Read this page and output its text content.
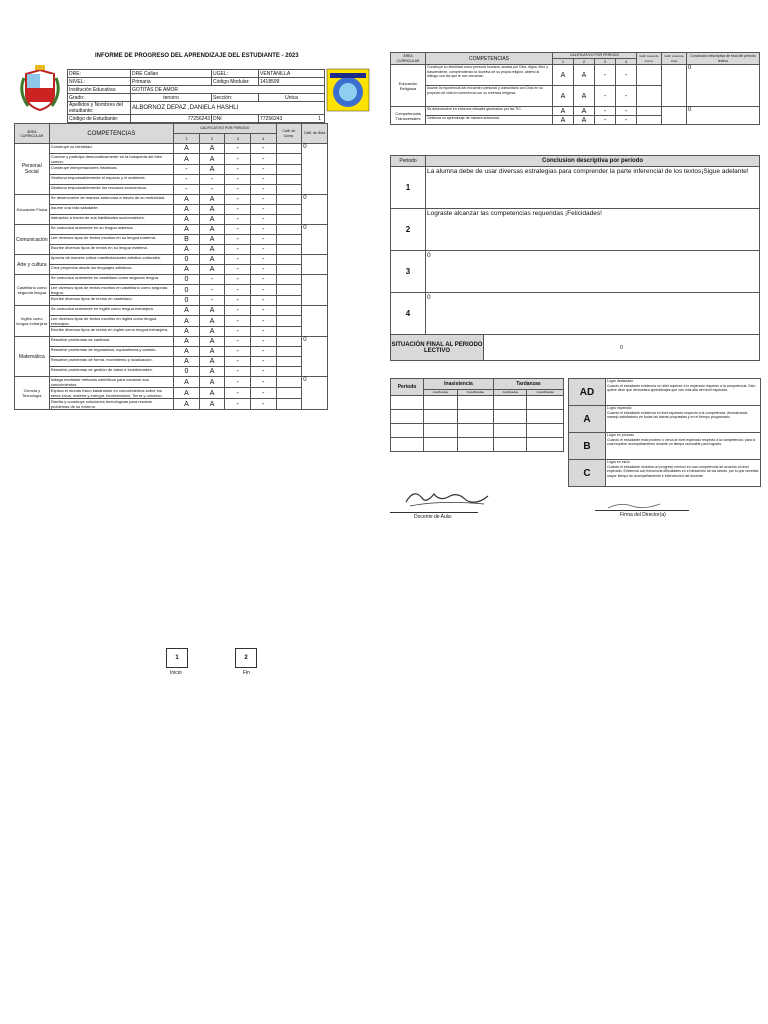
INFORME DE PROGRESO DEL APRENDIZAJE DEL ESTUDIANTE - 2023
DRE:	DRE Callao	UGEL:	VENTANILLA
NIVEL:	Primaria	Código Modular:	1418599
Institución Educativa:	GOTITAS DE AMOR		
Grado:	tercero	Sección:	Unica
Apellidos y Nombres del estudiante:	ALBORNOZ DEPAZ ,DANIELA HASHLI		
Código de Estudiante:	77256243	DNI	77256243 1
ÁREA CURRICULAR	COMPETENCIAS	CALIFICATIVO POR PERIODO				Calif. de Comp.	Calif. de Área
		1	2	3	4		
Personal Social	Construye su identidad.	A	A	-	-		0
	Convive y participa democráticamente en la búsqueda del bien común.	A	A	-	-		
	Construye interpretaciones históricas.	-	A	-	-		
	Gestiona responsablemente el espacio y el ambiente.	-	-	-	-		
	Gestiona responsablemente los recursos económicos.	-	-	-	-		
Educación Física	Se desenvuelve de manera autónoma a través de su motricidad.	A	A	-	-		0
	Asume una vida saludable.	A	A	-	-		
	Interactúa a través de sus habilidades sociomotrices.	A	A	-	-		
Comunicación	Se comunica oralmente en su lengua materna.	A	A	-	-		0
	Lee diversos tipos de textos escritos en su lengua materna.	B	A	-	-		
	Escribe diversos tipos de textos en su lengua materna.	A	A	-	-		
Arte y cultura	Aprecia de manera crítica manifestaciones artístico-culturales.	0	A	-	-		
	Crea proyectos desde los lenguajes artísticos.	A	A	-	-		
Castellano como segunda lengua	Se comunica oralmente en castellano como segunda lengua.	0	-	-	-		
	Lee diversos tipos de textos escritos en castellano como segunda lengua.	0	-	-	-		
	Escribe diversos tipos de textos en castellano.	0	-	-	-		
Inglés como lengua extranjera	Se comunica oralmente en inglés como lengua extranjera.	A	A	-	-		
	Lee diversos tipos de textos escritos en inglés como lengua extranjera.	A	A	-	-		
	Escribe diversos tipos de textos en inglés como lengua extranjera.	A	A	-	-		
Matemática	Resuelve problemas de cantidad.	A	A	-	-		0
	Resuelve problemas de regularidad, equivalencia y cambio.	A	A	-	-		
	Resuelve problemas de forma, movimiento y localización.	A	A	-	-		
	Resuelve problemas de gestión de datos e incertidumbre.	0	A	-	-		
Ciencia y Tecnología	Indaga mediante métodos científicos para construir sus conocimientos.	A	A	-	-		0
	Explica el mundo físico basándose en conocimientos sobre los seres vivos, materia y energía, biodiversidad, Tierra y universo.	A	A	-	-		
	Diseña y construye soluciones tecnológicas para resolver problemas de su entorno.	A	A	-	-		
ÁREA CURRICULAR	COMPETENCIAS	CALIFICATIVO POR PERIODO				Calif. Anual de Comp.	Calif. Anual de Área	Conclusión descriptiva de final del periodo lectivo
		1	2	3	4			
Educación Religiosa	Construye su identidad como persona humana, amada por Dios, digna, libre y trascendente, comprendiendo la doctrina de su propia religión, abierto al diálogo con las que le son cercanas.	A	A	-	-			0
	Asume la experiencia del encuentro personal y comunitario con Dios en su proyecto de vida en coherencia con su creencia religiosa.	A	A	-	-			
Competencias Transversales	Se desenvuelve en entornos virtuales generados por las TIC.	A	A	-	-			0
	Gestiona su aprendizaje de manera autónoma.	A	A	-	-			
Periodo	Conclusion descriptiva por período
1	La alumna debe de usar diversas estrategias para comprender la parte inferencial de los textos¡Sigue adelante!
2	Lograste alcanzar las competencias requeridas ¡Felicidades!
3	0
4	0

SITUACIÓN FINAL AL PERIODO LECTIVO 0	
Periodo	Inasistencia		Tardanzas	
	Justificadas	Injustificadas	Justificadas	Injustificadas

					AD	Logro destacado
Cuando el estudiante evidencia un nivel superior a lo esperado respecto a la competencia. Esto quiere decir que demuestra aprendizajes que van más allá del nivel esperado.

A	Logro esperado
Cuando el estudiante evidencia el nivel esperado respecto a la competencia, demostrando manejo satisfactorio en todas las tareas propuestas y en el tiempo programado.

B	Logro en proceso
Cuando el estudiante está próximo o cerca al nivel esperado respecto a la competencia, para lo cual requiere acompañamiento durante un tiempo razonable para lograrlo.

C	Logro en inicio
Cuando el estudiante muestra un progreso mínimo en una competencia de acuerdo al nivel esperado. Evidencia con frecuencia dificultades en el desarrollo de las tareas, por lo que necesita mayor tiempo de acompañamiento e intervención del docente.
Docente de Aula:	Firma del Director(a)
1
Inicio
2
Fin
